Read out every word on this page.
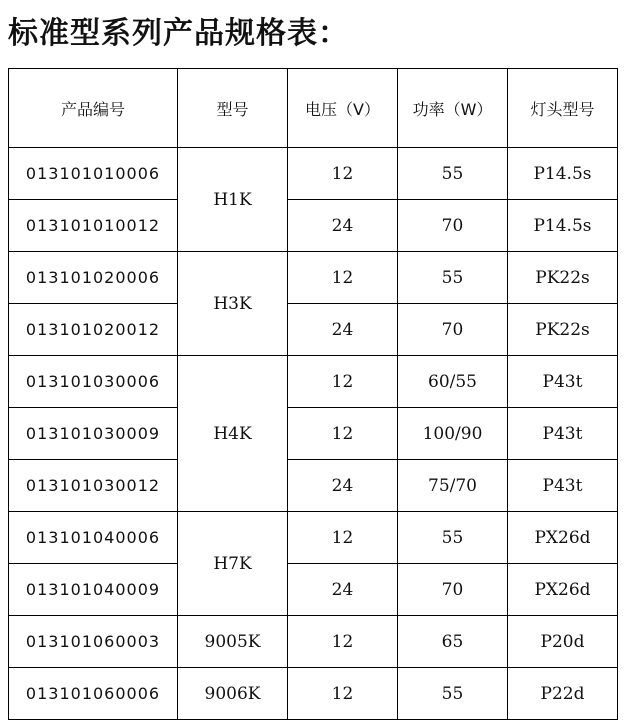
标准型系列产品规格表：
产品编号	型号	电压（V）	功率（W）	灯头型号
013101010006	H1K	12	55	P14.5s
013101010012		24	70	P14.5s
013101020006	H3K	12	55	PK22s
013101020012		24	70	PK22s
013101030006	H4K	12	60/55	P43t
013101030009		12	100/90	P43t
013101030012		24	75/70	P43t
013101040006	H7K	12	55	PX26d
013101040009		24	70	PX26d
013101060003	9005K	12	65	P20d
013101060006	9006K	12	55	P22d
